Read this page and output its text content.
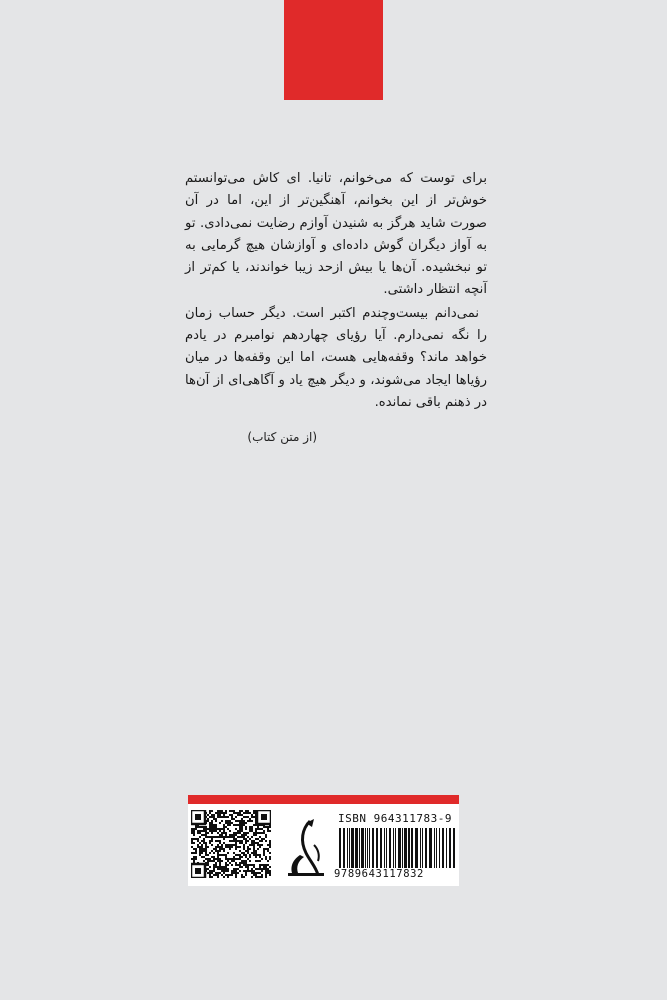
برای توست که می‌خوانم، تانیا. ای کاش می‌توانستم خوش‌تر از این بخوانم، آهنگین‌تر از این، اما در آن صورت شاید هرگز به شنیدن آوازم رضایت نمی‌دادی. تو به آواز دیگران گوش داده‌ای و آوازشان هیچ گرمایی به تو نبخشیده. آن‌ها یا بیش ازحد زیبا خواندند، یا کم‌تر از آنچه انتظار داشتی.

نمی‌دانم بیست‌وچندم اکتبر است. دیگر حساب زمان را نگه نمی‌دارم. آیا رؤیای چهاردهم نوامبرم در یادم خواهد ماند؟ وقفه‌هایی هست، اما این وقفه‌ها در میان رؤیاها ایجاد می‌شوند، و دیگر هیچ یاد و آگاهی‌ای از آن‌ها در ذهنم باقی نمانده.

(از متن کتاب)
ISBN 964311783-9
9789643117832
